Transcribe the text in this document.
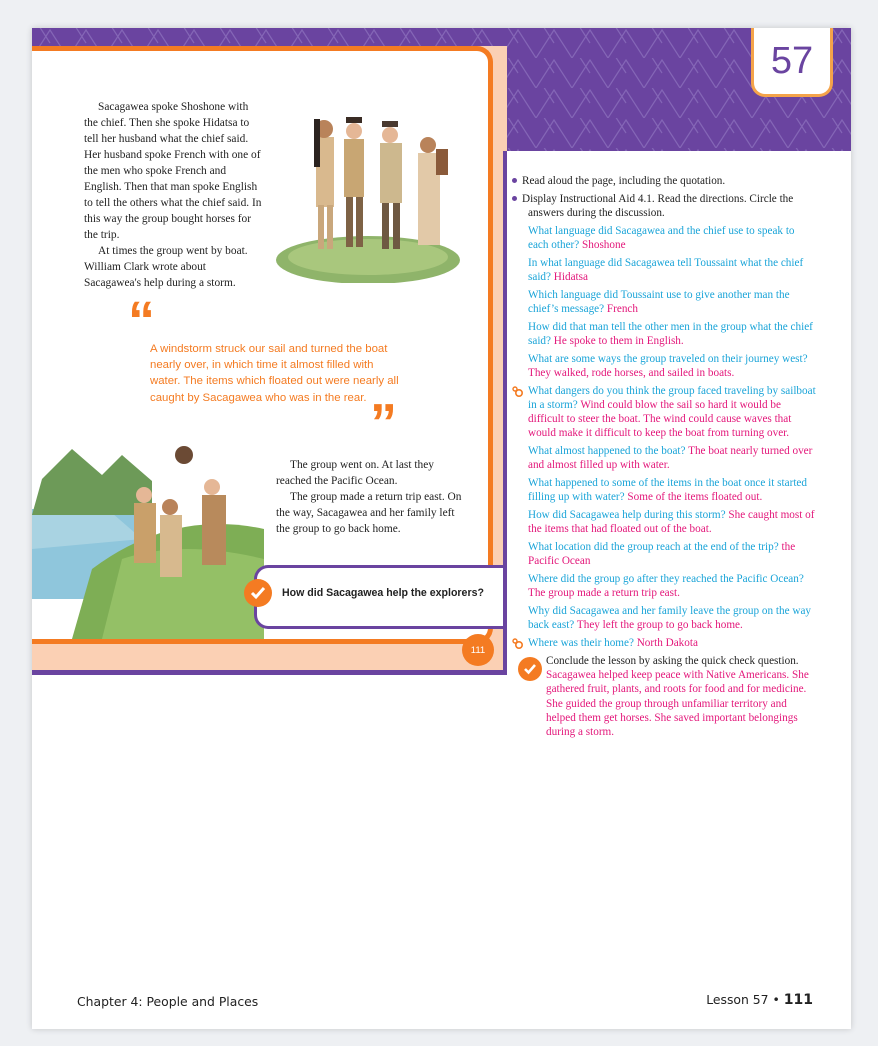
57

Sacagawea spoke Shoshone with the chief. Then she spoke Hidatsa to tell her husband what the chief said. Her husband spoke French with one of the men who spoke French and English. Then that man spoke English to tell the others what the chief said. In this way the group bought horses for the trip.

At times the group went by boat. William Clark wrote about Sacagawea's help during a storm.

“
A windstorm struck our sail and turned the boat nearly over, in which time it almost filled with water. The items which floated out were nearly all caught by Sacagawea who was in the rear. ”

The group went on. At last they reached the Pacific Ocean.

The group made a return trip east. On the way, Sacagawea and her family left the group to go back home.

How did Sacagawea help the explorers?
111
Read aloud the page, including the quotation.
Display Instructional Aid 4.1. Read the directions. Circle the answers during the discussion.
What language did Sacagawea and the chief use to speak to each other? Shoshone
In what language did Sacagawea tell Toussaint what the chief said? Hidatsa
Which language did Toussaint use to give another man the chief’s message? French
How did that man tell the other men in the group what the chief said? He spoke to them in English.
What are some ways the group traveled on their journey west? They walked, rode horses, and sailed in boats.
What dangers do you think the group faced traveling by sailboat in a storm? Wind could blow the sail so hard it would be difficult to steer the boat. The wind could cause waves that would make it difficult to keep the boat from turning over.
What almost happened to the boat? The boat nearly turned over and almost filled up with water.
What happened to some of the items in the boat once it started filling up with water? Some of the items floated out.
How did Sacagawea help during this storm? She caught most of the items that had floated out of the boat.
What location did the group reach at the end of the trip? the Pacific Ocean
Where did the group go after they reached the Pacific Ocean? The group made a return trip east.
Why did Sacagawea and her family leave the group on the way back east? They left the group to go back home.
Where was their home? North Dakota
Conclude the lesson by asking the quick check question. Sacagawea helped keep peace with Native Americans. She gathered fruit, plants, and roots for food and for medicine. She guided the group through unfamiliar territory and helped them get horses. She saved important belongings during a storm.
Chapter 4: People and Places	Lesson 57 • 111
